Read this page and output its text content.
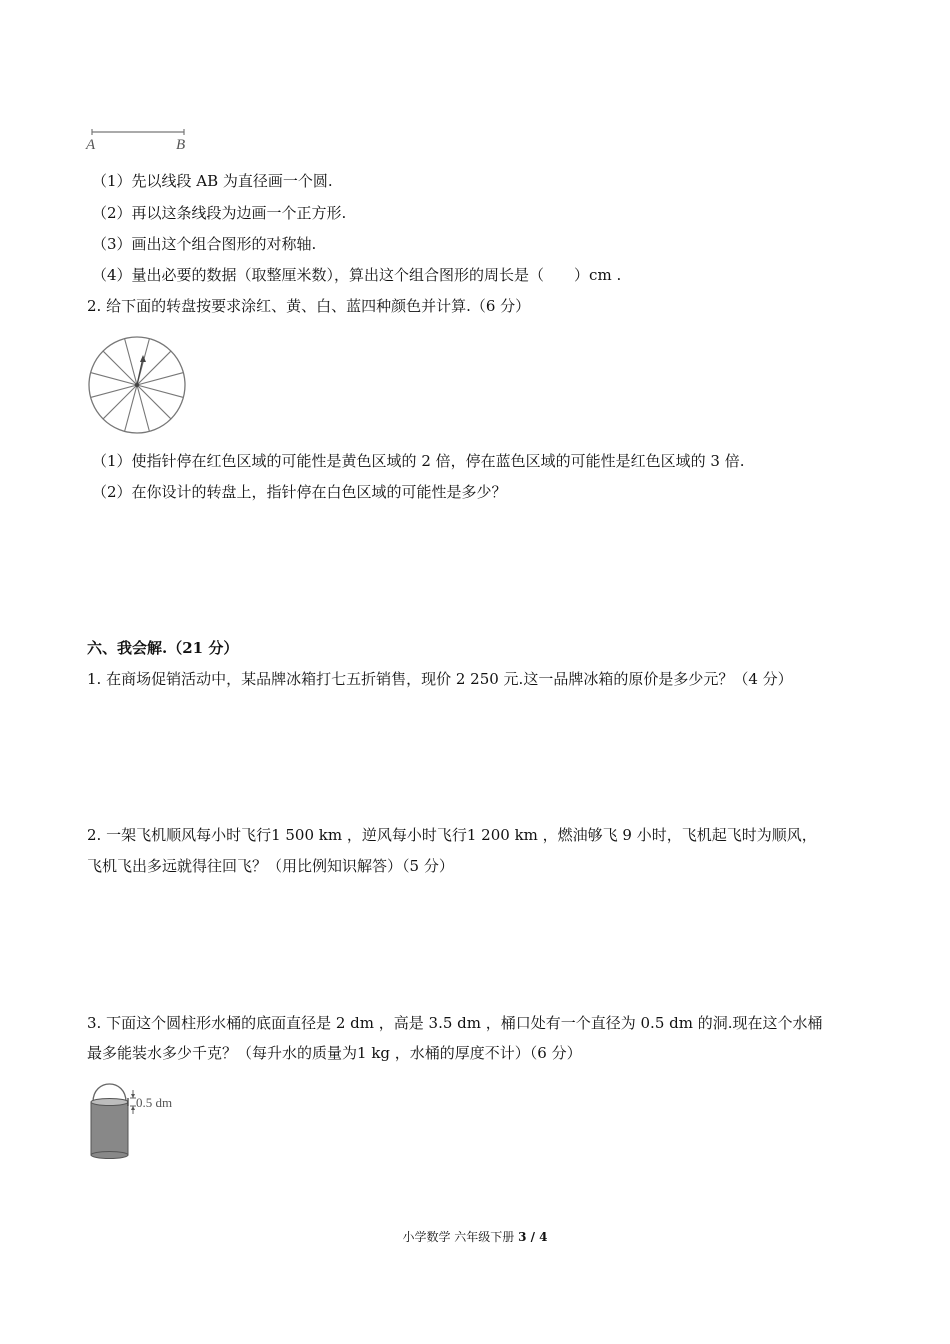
A	B
（1）先以线段 AB 为直径画一个圆.
（2）再以这条线段为边画一个正方形.
（3）画出这个组合图形的对称轴.
（4）量出必要的数据（取整厘米数），算出这个组合图形的周长是（　　）cm .
2. 给下面的转盘按要求涂红、黄、白、蓝四种颜色并计算.（6 分）
（1）使指针停在红色区域的可能性是黄色区域的 2 倍，停在蓝色区域的可能性是红色区域的 3 倍.
（2）在你设计的转盘上，指针停在白色区域的可能性是多少？
六、我会解.（21 分）
1. 在商场促销活动中，某品牌冰箱打七五折销售，现价 2 250 元.这一品牌冰箱的原价是多少元？（4 分）
2. 一架飞机顺风每小时飞行1 500 km ，逆风每小时飞行1 200 km ，燃油够飞 9 小时，飞机起飞时为顺风，
飞机飞出多远就得往回飞？（用比例知识解答）（5 分）
3. 下面这个圆柱形水桶的底面直径是 2 dm ，高是 3.5 dm ，桶口处有一个直径为 0.5 dm 的洞.现在这个水桶
最多能装水多少千克？（每升水的质量为1 kg ，水桶的厚度不计）（6 分）
0.5 dm
小学数学 六年级下册 3 / 4
